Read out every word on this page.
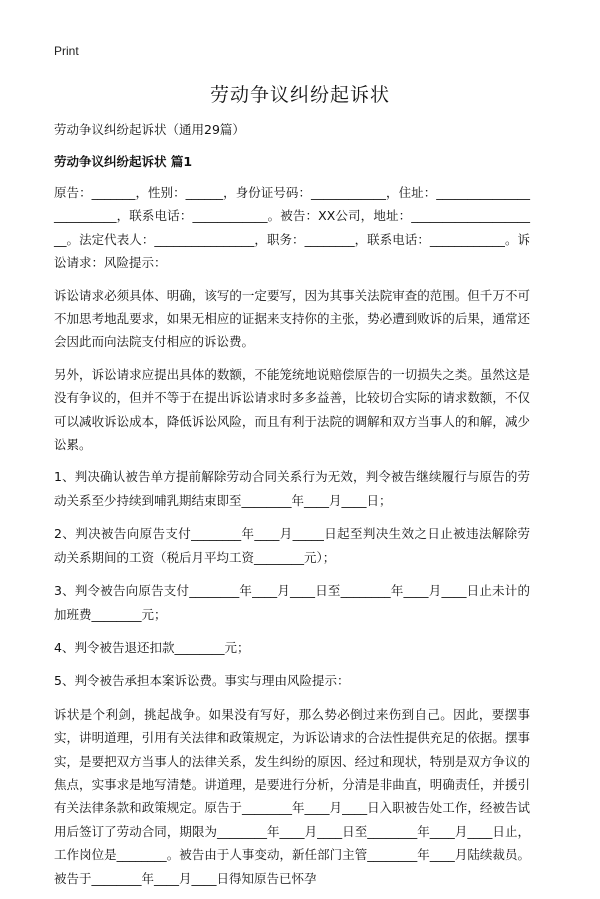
Print
劳动争议纠纷起诉状
劳动争议纠纷起诉状（通用29篇）
劳动争议纠纷起诉状 篇1

原告：_______，性别：______，身份证号码：____________，住址：_________________________，联系电话：____________。被告：XX公司，地址：_____________________。法定代表人：________________，职务：________，联系电话：____________。诉讼请求：风险提示：

诉讼请求必须具体、明确，该写的一定要写，因为其事关法院审查的范围。但千万不可不加思考地乱要求，如果无相应的证据来支持你的主张，势必遭到败诉的后果，通常还会因此而向法院支付相应的诉讼费。

另外，诉讼请求应提出具体的数额，不能笼统地说赔偿原告的一切损失之类。虽然这是没有争议的，但并不等于在提出诉讼请求时多多益善，比较切合实际的请求数额，不仅可以减收诉讼成本，降低诉讼风险，而且有利于法院的调解和双方当事人的和解，减少讼累。

1、判决确认被告单方提前解除劳动合同关系行为无效，判令被告继续履行与原告的劳动关系至少持续到哺乳期结束即至________年____月____日；

2、判决被告向原告支付________年____月_____日起至判决生效之日止被违法解除劳动关系期间的工资（税后月平均工资________元）；

3、判令被告向原告支付________年____月____日至________年____月____日止未计的加班费________元；

4、判令被告退还扣款________元；

5、判令被告承担本案诉讼费。事实与理由风险提示：

诉状是个利剑，挑起战争。如果没有写好，那么势必倒过来伤到自己。因此，要摆事实，讲明道理，引用有关法律和政策规定，为诉讼请求的合法性提供充足的依据。摆事实，是要把双方当事人的法律关系，发生纠纷的原因、经过和现状，特别是双方争议的焦点，实事求是地写清楚。讲道理，是要进行分析，分清是非曲直，明确责任，并援引有关法律条款和政策规定。原告于________年____月____日入职被告处工作，经被告试用后签订了劳动合同，期限为________年____月____日至________年____月____日止，工作岗位是________。被告由于人事变动，新任部门主管________年____月陆续裁员。被告于________年____月____日得知原告已怀孕
